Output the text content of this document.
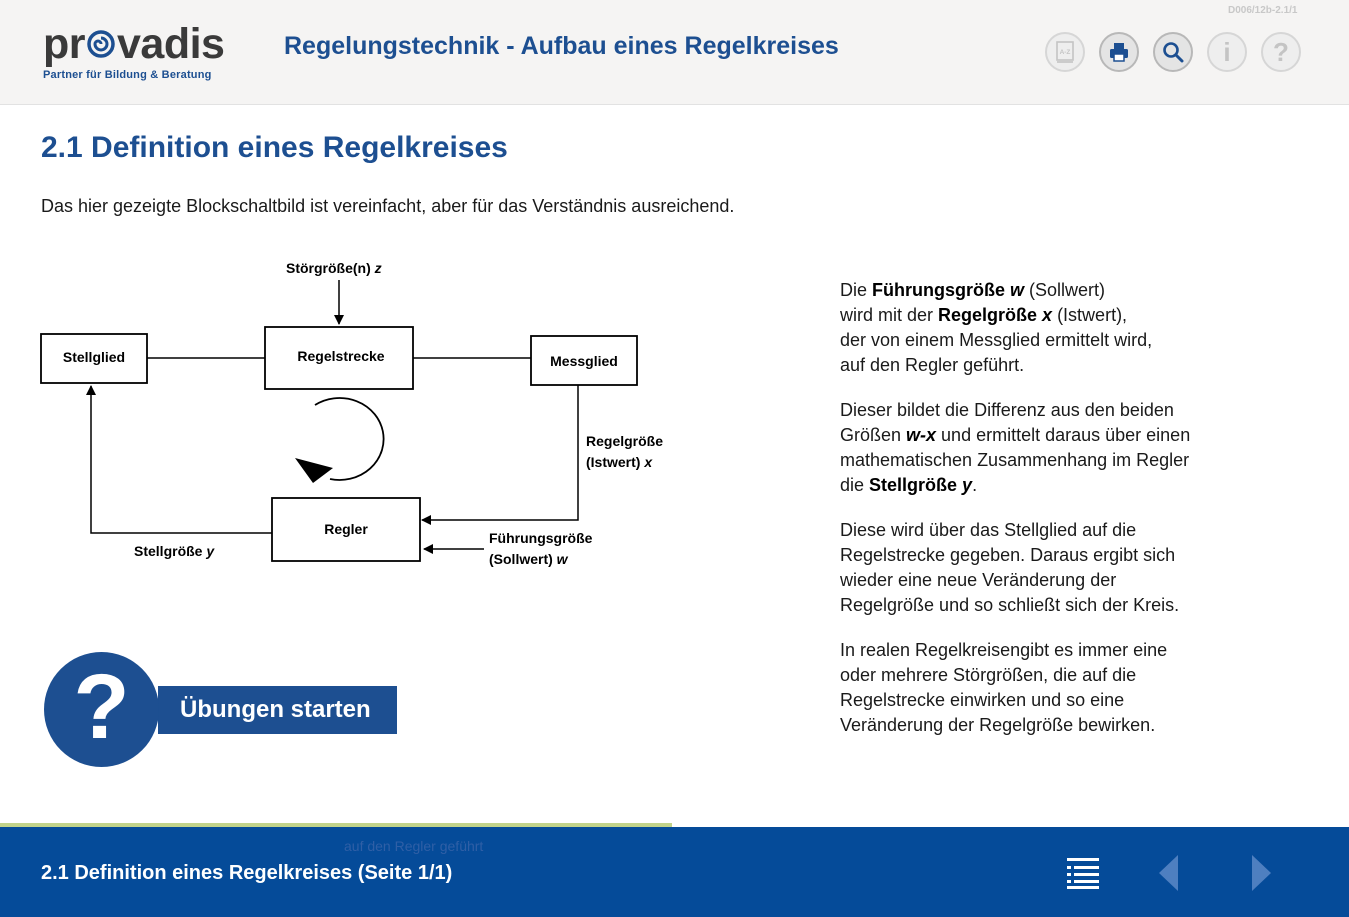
D006/12b-2.1/1
pr vadis
Partner für Bildung & Beratung
Regelungstechnik - Aufbau eines Regelkreises	A-Z	i ?
2.1 Definition eines Regelkreises
Das hier gezeigte Blockschaltbild ist vereinfacht, aber für das Verständnis ausreichend.
Störgröße(n) z
Stellglied	Regelstrecke	Messglied
Regler
Regelgröße
(Istwert) x
Stellgröße y
Führungsgröße
(Sollwert) w

Die Führungsgröße w (Sollwert)
wird mit der Regelgröße x (Istwert),
der von einem Messglied ermittelt wird,
auf den Regler geführt.

Dieser bildet die Differenz aus den beiden
Größen w-x und ermittelt daraus über einen
mathematischen Zusammenhang im Regler
die Stellgröße y.

Diese wird über das Stellglied auf die
Regelstrecke gegeben. Daraus ergibt sich
wieder eine neue Veränderung der
Regelgröße und so schließt sich der Kreis.

In realen Regelkreisengibt es immer eine
oder mehrere Störgrößen, die auf die
Regelstrecke einwirken und so eine
Veränderung der Regelgröße bewirken.

Übungen starten
?
auf den Regler geführt
2.1 Definition eines Regelkreises (Seite 1/1)
